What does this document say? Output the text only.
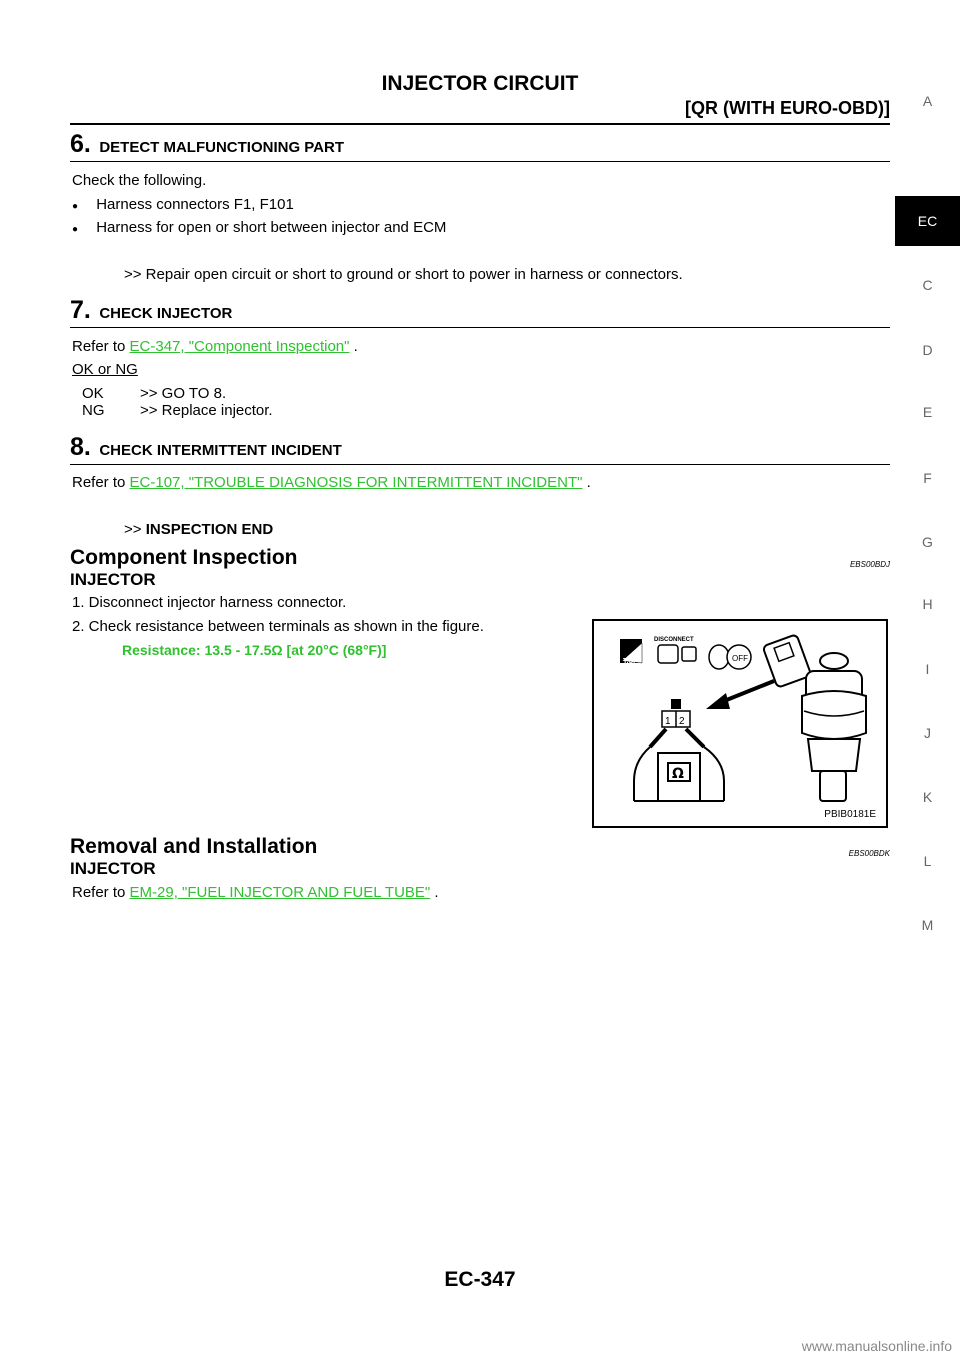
INJECTOR CIRCUIT
[QR (WITH EURO-OBD)]	A
EC
C
D
E
F
G
H
I
J
K
L
M
6. DETECT MALFUNCTIONING PART
Check the following.
● Harness connectors F1, F101
● Harness for open or short between injector and ECM
>> Repair open circuit or short to ground or short to power in harness or connectors.
7. CHECK INJECTOR
Refer to EC-347, "Component Inspection" .
OK or NG
OK >> GO TO 8.
NG >> Replace injector.
8. CHECK INTERMITTENT INCIDENT
Refer to EC-107, "TROUBLE DIAGNOSIS FOR INTERMITTENT INCIDENT" .
>> INSPECTION END
Component Inspection	EBS00BDJ
INJECTOR
1. Disconnect injector harness connector.
2. Check resistance between terminals as shown in the figure.
Resistance: 13.5 - 17.5Ω [at 20°C (68°F)]
T.S.
DISCONNECT
OFF
1 2
Ω
PBIB0181E
Removal and Installation	EBS00BDK
INJECTOR
Refer to EM-29, "FUEL INJECTOR AND FUEL TUBE" .
EC-347
www.manualsonline.info
